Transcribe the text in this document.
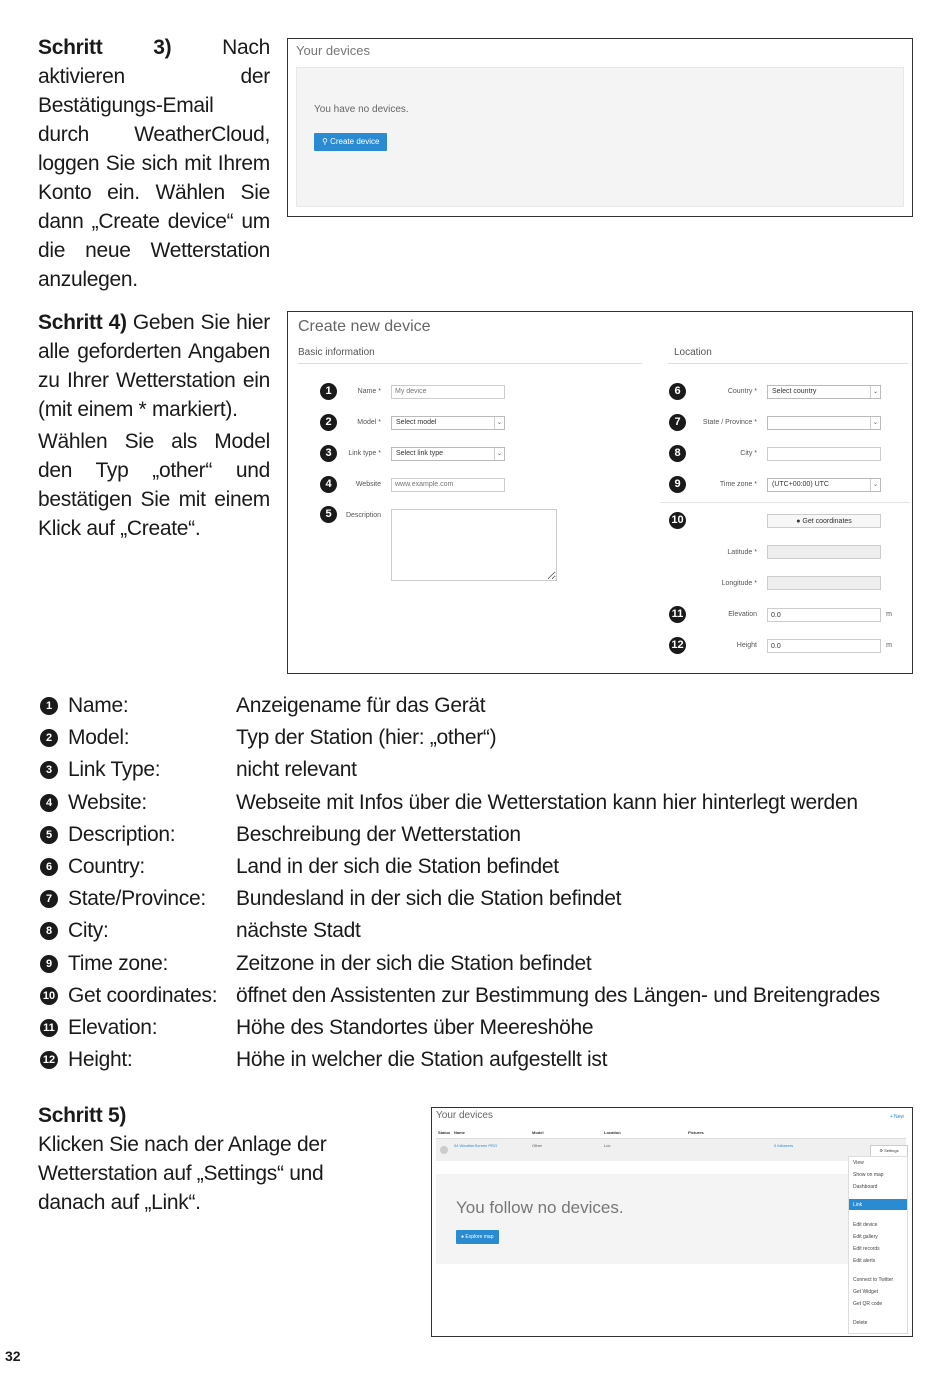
Schritt 3) Nach aktivieren der Bestätigungs-Email durch WeatherCloud, loggen Sie sich mit Ihrem Konto ein. Wählen Sie dann „Create device“ um die neue Wetterstation anzulegen.
Your devices
You have no devices.
⚲ Create device
Schritt 4) Geben Sie hier alle geforderten Angaben zu Ihrer Wetterstation ein (mit einem * markiert).
Wählen Sie als Model den Typ „other“ und bestätigen Sie mit einem Klick auf „Create“.
Create new device
Basic information	Location
1	Name *
My device
2	Model *	Select model	⌄
3	Link type *	Select link type	⌄
4	Website
www.example.com
5	Description
6	Country *	Select country	⌄
7	State / Province *	⌄
8	City *
9	Time zone *	(UTC+00:00) UTC	⌄
10	● Get coordinates
Latitude *
Longitude *
11	Elevation	0.0	m
12	Height	0.0	m
1 Name:	Anzeigename für das Gerät
2 Model:	Typ der Station (hier: „other“)
3 Link Type:	nicht relevant
4 Website:	Webseite mit Infos über die Wetterstation kann hier hinterlegt werden
5 Description:	Beschreibung der Wetterstation
6 Country:	Land in der sich die Station befindet
7 State/Province: Bundesland in der sich die Station befindet
8 City:	nächste Stadt
9 Time zone:	Zeitzone in der sich die Station befindet
10 Get coordinates: öffnet den Assistenten zur Bestimmung des Längen- und Breitengrades
11 Elevation:	Höhe des Standortes über Meereshöhe
12 Height:	Höhe in welcher die Station aufgestellt ist
Schritt 5)
Klicken Sie nach der Anlage der Wetterstation auf „Settings“ und danach auf „Link“.
Your devices	+ New
Status Name	Model	Location	Pictures
04 WeatherScreen PRO	Other	Loc	0 followers
⚙ Settings
You follow no devices.
● Explore map
View
Show on map
Dashboard
Link
Edit device
Edit gallery
Edit records
Edit alerts
Connect to Twitter
Get Widget
Get QR code
Delete
32
